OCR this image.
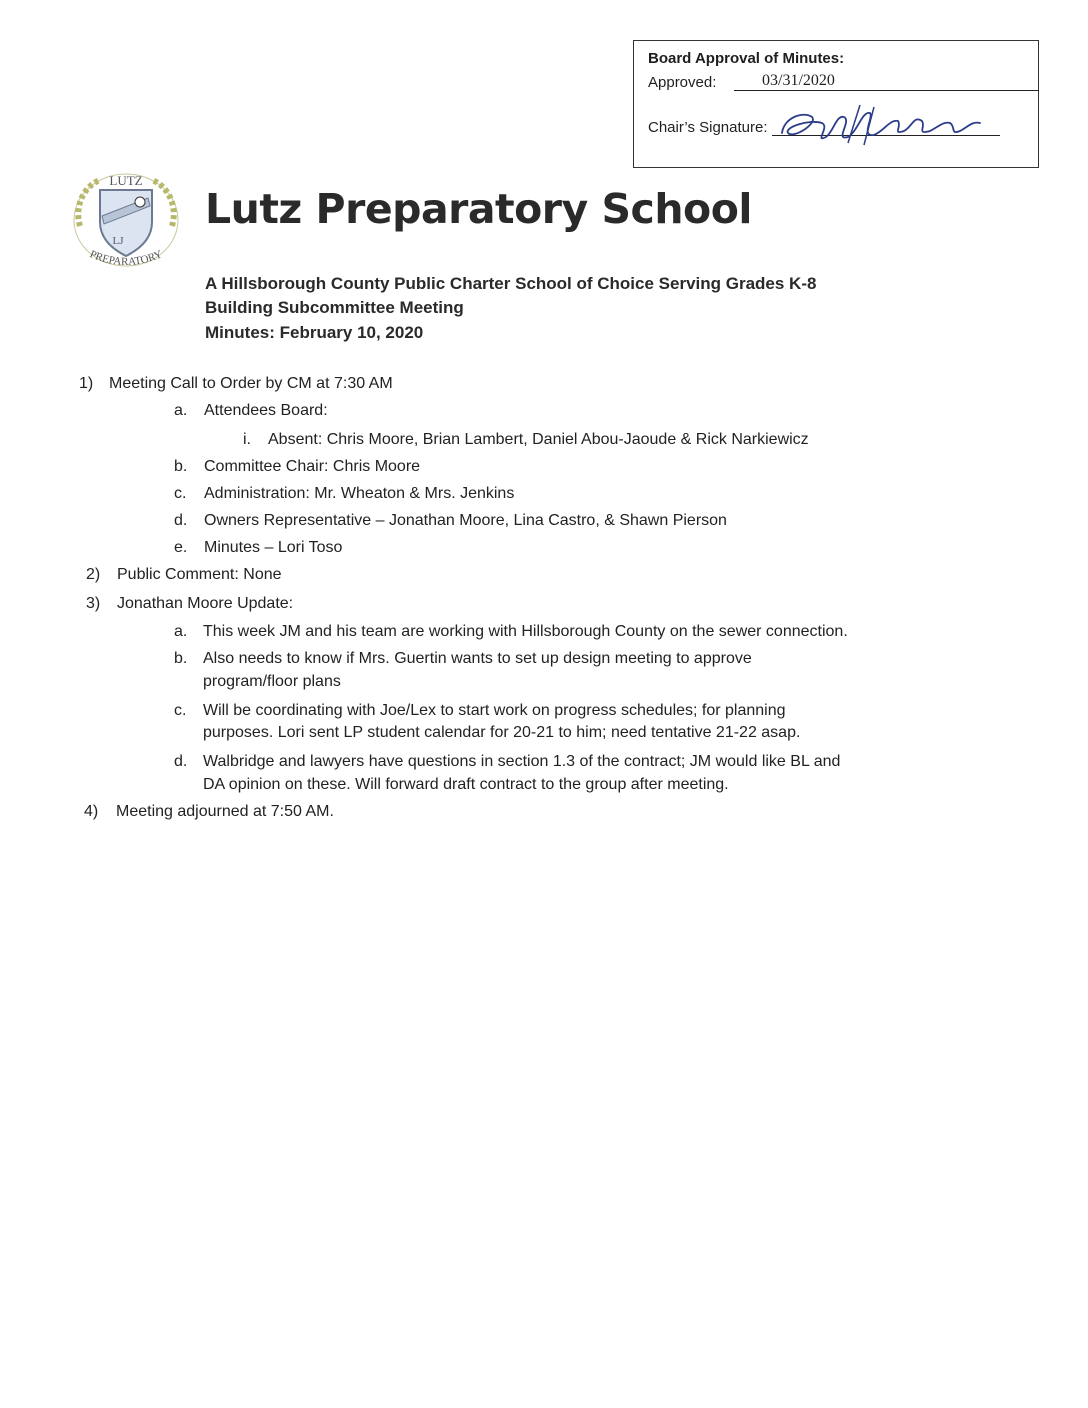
Board Approval of Minutes:
Approved:	03/31/2020
Chair’s Signature:
LUTZ
LJ
PREPARATORY
Lutz Preparatory School
A Hillsborough County Public Charter School of Choice Serving Grades K-8
Building Subcommittee Meeting
Minutes: February 10, 2020
1) Meeting Call to Order by CM at 7:30 AM
a. Attendees Board:
i. Absent: Chris Moore, Brian Lambert, Daniel Abou-Jaoude & Rick Narkiewicz
b. Committee Chair: Chris Moore
c. Administration: Mr. Wheaton & Mrs. Jenkins
d. Owners Representative – Jonathan Moore, Lina Castro, & Shawn Pierson
e. Minutes – Lori Toso
2) Public Comment: None
3) Jonathan Moore Update:
a. This week JM and his team are working with Hillsborough County on the sewer connection.
b. Also needs to know if Mrs. Guertin wants to set up design meeting to approve
program/floor plans
c. Will be coordinating with Joe/Lex to start work on progress schedules; for planning
purposes. Lori sent LP student calendar for 20-21 to him; need tentative 21-22 asap.
d. Walbridge and lawyers have questions in section 1.3 of the contract; JM would like BL and
DA opinion on these. Will forward draft contract to the group after meeting.
4) Meeting adjourned at 7:50 AM.
